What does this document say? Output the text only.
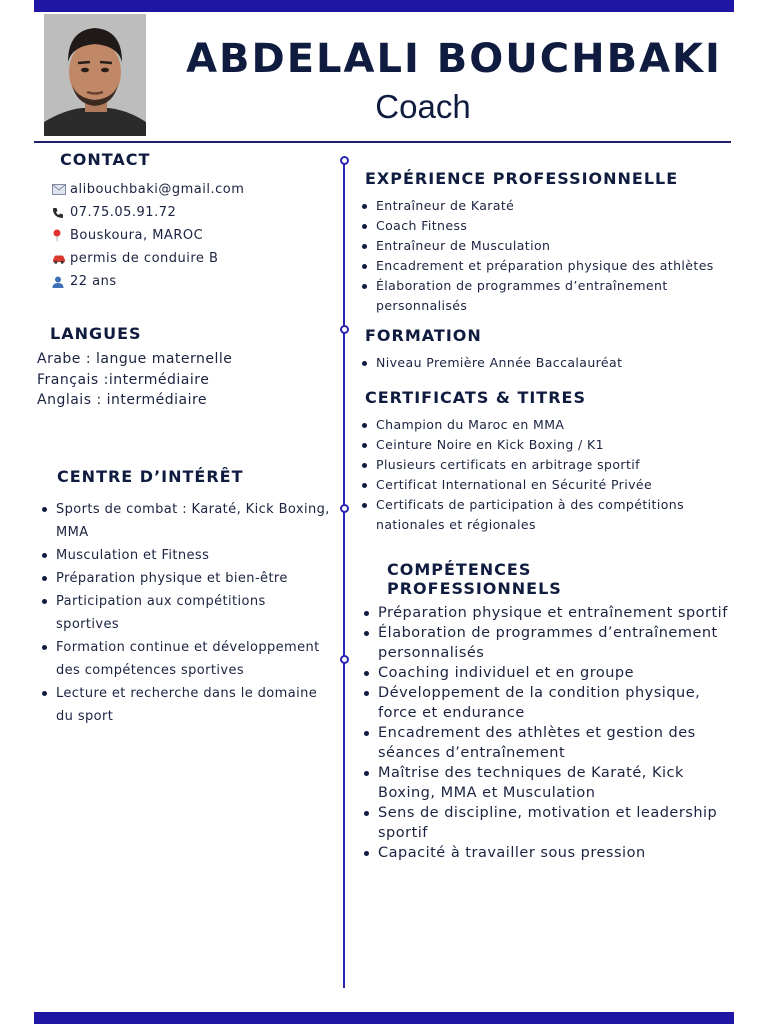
ABDELALI BOUCHBAKI
Coach
CONTACT
alibouchbaki@gmail.com
07.75.05.91.72
Bouskoura, MAROC
permis de conduire B
22 ans
LANGUES
Arabe : langue maternelle
Français :intermédiaire
Anglais : intermédiaire
CENTRE D’INTÉRÊT
Sports de combat : Karaté, Kick Boxing, MMA
Musculation et Fitness
Préparation physique et bien-être
Participation aux compétitions sportives
Formation continue et développement des compétences sportives
Lecture et recherche dans le domaine du sport
EXPÉRIENCE PROFESSIONNELLE
Entraîneur de Karaté
Coach Fitness
Entraîneur de Musculation
Encadrement et préparation physique des athlètes
Élaboration de programmes d’entraînement personnalisés
FORMATION
Niveau Première Année Baccalauréat
CERTIFICATS & TITRES
Champion du Maroc en MMA
Ceinture Noire en Kick Boxing / K1
Plusieurs certificats en arbitrage sportif
Certificat International en Sécurité Privée
Certificats de participation à des compétitions nationales et régionales
COMPÉTENCES
PROFESSIONNELS
Préparation physique et entraînement sportif
Élaboration de programmes d’entraînement personnalisés
Coaching individuel et en groupe
Développement de la condition physique, force et endurance
Encadrement des athlètes et gestion des séances d’entraînement
Maîtrise des techniques de Karaté, Kick Boxing, MMA et Musculation
Sens de discipline, motivation et leadership sportif
Capacité à travailler sous pression
